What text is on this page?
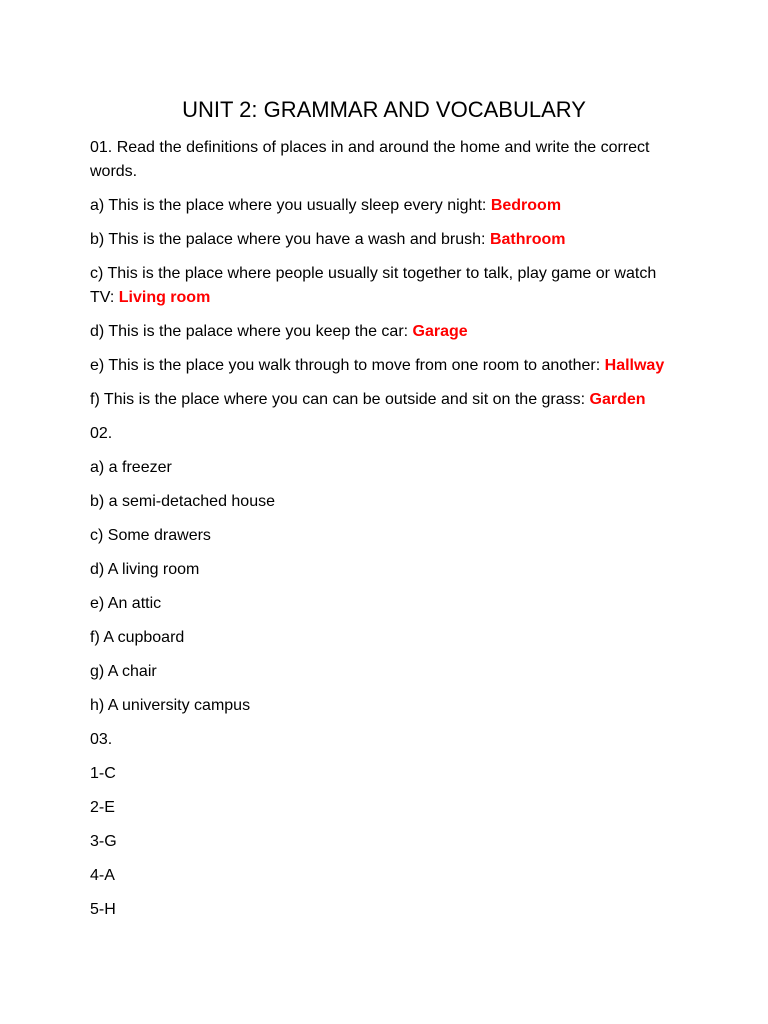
UNIT 2: GRAMMAR AND VOCABULARY

01. Read the definitions of places in and around the home and write the correct words.

a) This is the place where you usually sleep every night: Bedroom

b) This is the palace where you have a wash and brush: Bathroom

c) This is the place where people usually sit together to talk, play game or watch TV: Living room

d) This is the palace where you keep the car: Garage

e) This is the place you walk through to move from one room to another: Hallway

f) This is the place where you can can be outside and sit on the grass: Garden

02.

a) a freezer

b) a semi-detached house

c) Some drawers

d) A living room

e) An attic

f) A cupboard

g) A chair

h) A university campus

03.

1-C

2-E

3-G

4-A

5-H
